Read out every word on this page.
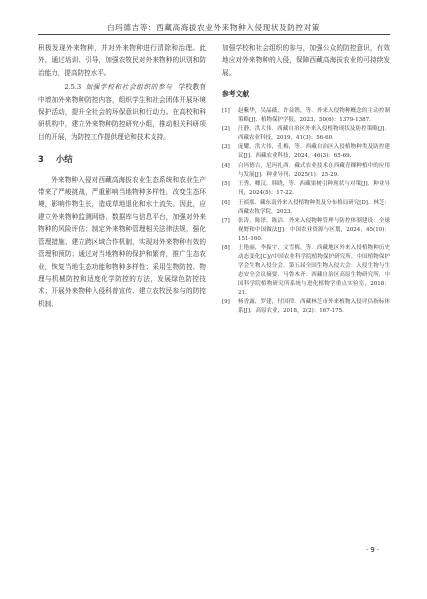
白玛德吉等：西藏高海拔农业外来物种入侵现状及防控对策

积极发现外来物种，并对外来物种进行清除和治理。此外，通过培训、引导，加强农牧民对外来物种的识别和防治能力，提高防控水平。

2.5.3 加强学校和社会组织的参与 学校教育中增加外来物种防控内容，组织学生和社会团体开展环境保护活动，提升全社会的环保意识和行动力。在高校和科研机构中，建立外来物种防控研究小组，推动相关科研项目的开展，为防控工作提供理论和技术支持。

3 小结

外来物种入侵对西藏高海拔农业生态系统和农业生产带来了严峻挑战，严重影响当地物种多样性，改变生态环境，影响作物生长，造成草地退化和水土流失。因此，应建立外来物种监测网络、数据库与信息平台，加强对外来物种的风险评估；制定外来物种管理相关法律法规，强化管理措施、建立跨区域合作机制，实现对外来物种有效的管理和预防；通过对当地物种的保护和繁育，推广生态农业，恢复当地生态功能和物种多样性；采用生物防控、物理与机械防控和适度化学防控的方法，发展绿色防控技术；开展外来物种入侵科普宣传、建立农牧民参与的防控机制、

加强学校和社会组织的参与，加强公众的防控意识，有效地应对外来物种的入侵，保障西藏高海拔农业的可持续发展。

参考文献
[1]	赵紫华，吴晶薇，许益镌，等．外来入侵物种概念的主动控制策略[J]．植物保护学报，2023，50(6)：1379-1387.
[2]	汪静，洪大伟．西藏自治区外来入侵植物现状及防控策略[J]．西藏农业科技，2019，41(3)：56-60.
[3]	庞耀，洪大伟，孔梅，等．西藏自治区入侵植物种类及防控建议[J]．西藏农业科技，2024，46(3)：65-69.
[4]	白玛德吉，尼玛扎西．藏式农业技术在西藏青稞种植中的应用与发展[J]．种业导刊，2025(1)：25-29.
[5]	王秀，卿汉，韩晓，等．西藏果树引种现状与对策[J]．种业导刊，2024(5)：17-22.
[6]	王祯那．藏东南外来入侵植物种类及分布格局研究[D]．林芝：西藏农牧学院，2023.
[7]	张涛，陈泽，陈洁．外来入侵物种管理与防控体制建设：全球视野和中国做法[J]．中国农业资源与区划，2024，45(10)：151-160.
[8]	土艳丽，李振宇，文雪梅，等．西藏地区外来入侵植物种历史动态变化[C]//中国农业科学院植物保护研究所，中国植物保护学会生物入侵分会．第五届全国生物入侵大会：入侵生物与生态安全会议摘要．马鲁木齐：西藏自治区高原生物研究所，中国科学院植物研究所系统与进化植物学重点实验室，2018：21.
[9]	杨香露，罗建，付国律．西藏林芝市外来植物入侵评估指标体系[J]．高原农业，2018，2(2)：167-175.
· 9 ·
